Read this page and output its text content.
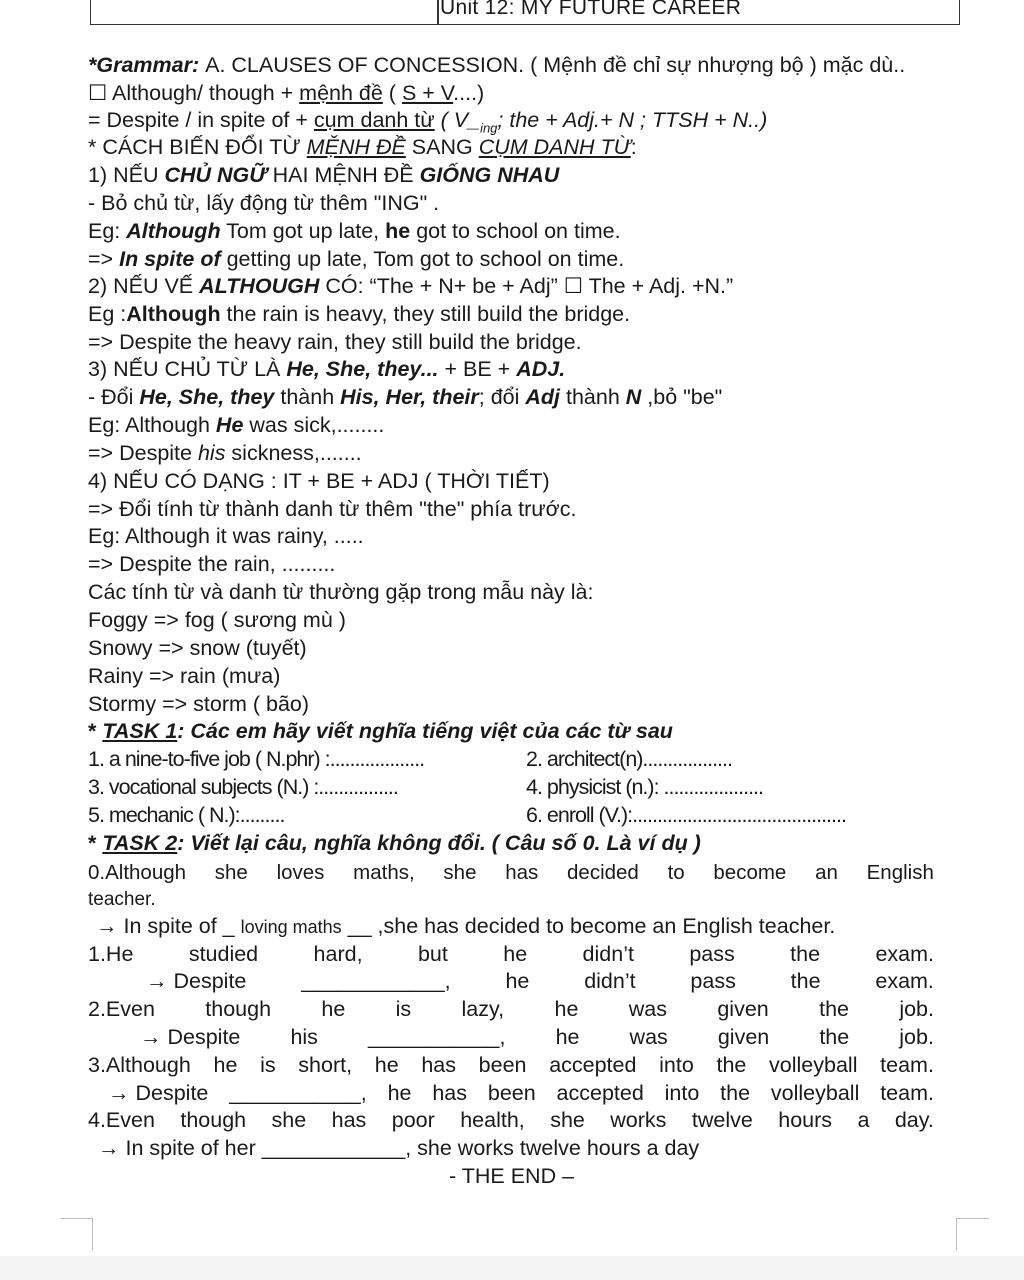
Unit 12: MY FUTURE CAREER
*Grammar: A. CLAUSES OF CONCESSION. ( Mệnh đề chỉ sự nhượng bộ ) mặc dù..
☐ Although/ though + mệnh đề ( S + V....)
= Despite / in spite of + cụm danh từ ( $V\__{ing}$; the + Adj.+ N ; TTSH + N..)
* CÁCH BIẾN ĐỔI TỪ MỆNH ĐỀ SANG CỤM DANH TỪ:
1) NẾU CHỦ NGỮ HAI MỆNH ĐỀ GIỐNG NHAU
- Bỏ chủ từ, lấy động từ thêm "ING" .
Eg: Although Tom got up late, he got to school on time.
=> In spite of getting up late, Tom got to school on time.
2) NẾU VẾ ALTHOUGH CÓ: “The + N+ be + Adj” ☐ The + Adj. +N.”
Eg :Although the rain is heavy, they still build the bridge.
=> Despite the heavy rain, they still build the bridge.
3) NẾU CHỦ TỪ LÀ He, She, they... + BE + ADJ.
- Đổi He, She, they thành His, Her, their; đổi Adj thành N ,bỏ "be"
Eg: Although He was sick,........
=> Despite his sickness,.......
4) NẾU CÓ DẠNG : IT + BE + ADJ ( THỜI TIẾT)
=> Đổi tính từ thành danh từ thêm "the" phía trước.
Eg: Although it was rainy, .....
=> Despite the rain, .........
Các tính từ và danh từ thường gặp trong mẫu này là:
Foggy => fog ( sương mù )
Snowy => snow (tuyết)
Rainy => rain (mưa)
Stormy => storm ( bão)
* TASK 1: Các em hãy viết nghĩa tiếng việt của các từ sau
1. a nine-to-five job ( N.phr) :...................	2. architect(n)..................
3. vocational subjects (N.) :................	4. physicist (n.): ....................
5. mechanic ( N.):.........	6. enroll (V.):...........................................
* TASK 2: Viết lại câu, nghĩa không đổi. ( Câu số 0. Là ví dụ )
0.Although she loves maths, she has decided to become an English
teacher.
→ In spite of _ loving maths __ ,she has decided to become an English teacher.
1.He	studied	hard,	but	he	didn’t	pass	the	exam.
→ Despite	____________,	he	didn’t	pass	the	exam.
2.Even though he is lazy, he was given the job.
→ Despite his ___________, he was given the job.
3.Although he is short, he has been accepted into the volleyball team.
→ Despite ___________, he has been accepted into the volleyball team.
4.Even though she has poor health, she works twelve hours a day.
→ In spite of her ____________, she works twelve hours a day
- THE END –
